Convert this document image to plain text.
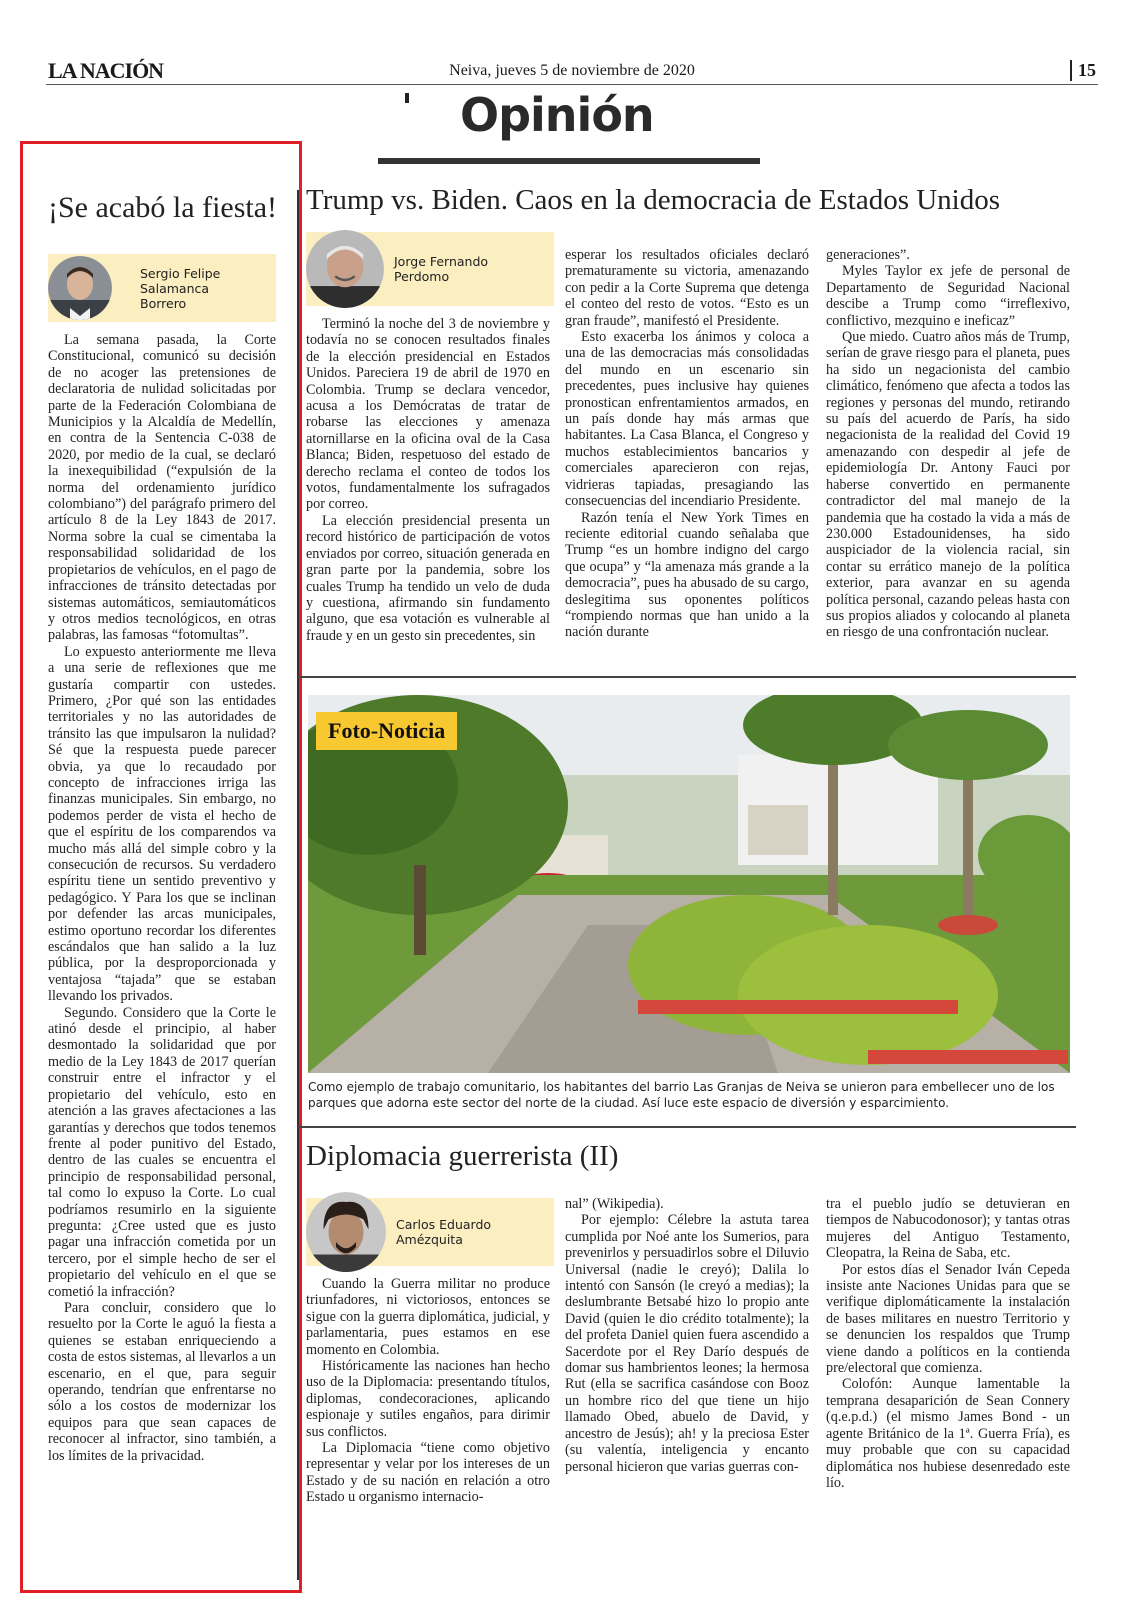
LA NACIÓN	Neiva, jueves 5 de noviembre de 2020	15
Opinión
¡Se acabó la fiesta!
Sergio Felipe Salamanca Borrero

La semana pasada, la Corte Constitucional, comunicó su decisión de no acoger las pretensiones de declaratoria de nulidad solicitadas por parte de la Federación Colombiana de Municipios y la Alcaldía de Medellín, en contra de la Sentencia C-038 de 2020, por medio de la cual, se declaró la inexequibilidad (“expulsión de la norma del ordenamiento jurídico colombiano”) del parágrafo primero del artículo 8 de la Ley 1843 de 2017. Norma sobre la cual se cimentaba la responsabilidad solidaridad de los propietarios de vehículos, en el pago de infracciones de tránsito detectadas por sistemas automáticos, semiautomáticos y otros medios tecnológicos, en otras palabras, las famosas “fotomultas”.

Lo expuesto anteriormente me lleva a una serie de reflexiones que me gustaría compartir con ustedes. Primero, ¿Por qué son las entidades territoriales y no las autoridades de tránsito las que impulsaron la nulidad? Sé que la respuesta puede parecer obvia, ya que lo recaudado por concepto de infracciones irriga las finanzas municipales. Sin embargo, no podemos perder de vista el hecho de que el espíritu de los comparendos va mucho más allá del simple cobro y la consecución de recursos. Su verdadero espíritu tiene un sentido preventivo y pedagógico. Y Para los que se inclinan por defender las arcas municipales, estimo oportuno recordar los diferentes escándalos que han salido a la luz pública, por la desproporcionada y ventajosa “tajada” que se estaban llevando los privados.

Segundo. Considero que la Corte le atinó desde el principio, al haber desmontado la solidaridad que por medio de la Ley 1843 de 2017 querían construir entre el infractor y el propietario del vehículo, esto en atención a las graves afectaciones a las garantías y derechos que todos tenemos frente al poder punitivo del Estado, dentro de las cuales se encuentra el principio de responsabilidad personal, tal como lo expuso la Corte. Lo cual podríamos resumirlo en la siguiente pregunta: ¿Cree usted que es justo pagar una infracción cometida por un tercero, por el simple hecho de ser el propietario del vehículo en el que se cometió la infracción?

Para concluir, considero que lo resuelto por la Corte le aguó la fiesta a quienes se estaban enriqueciendo a costa de estos sistemas, al llevarlos a un escenario, en el que, para seguir operando, tendrían que enfrentarse no sólo a los costos de modernizar los equipos para que sean capaces de reconocer al infractor, sino también, a los límites de la privacidad.

Trump vs. Biden. Caos en la democracia de Estados Unidos
Jorge Fernando Perdomo

Terminó la noche del 3 de noviembre y todavía no se conocen resultados finales de la elección presidencial en Estados Unidos. Pareciera 19 de abril de 1970 en Colombia. Trump se declara vencedor, acusa a los Demócratas de tratar de robarse las elecciones y amenaza atornillarse en la oficina oval de la Casa Blanca; Biden, respetuoso del estado de derecho reclama el conteo de todos los votos, fundamentalmente los sufragados por correo.

La elección presidencial presenta un record histórico de participación de votos enviados por correo, situación generada en gran parte por la pandemia, sobre los cuales Trump ha tendido un velo de duda y cuestiona, afirmando sin fundamento alguno, que esa votación es vulnerable al fraude y en un gesto sin precedentes, sin

esperar los resultados oficiales declaró prematuramente su victoria, amenazando con pedir a la Corte Suprema que detenga el conteo del resto de votos. “Esto es un gran fraude”, manifestó el Presidente.

Esto exacerba los ánimos y coloca a una de las democracias más consolidadas del mundo en un escenario sin precedentes, pues inclusive hay quienes pronostican enfrentamientos armados, en un país donde hay más armas que habitantes. La Casa Blanca, el Congreso y muchos establecimientos bancarios y comerciales aparecieron con rejas, vidrieras tapiadas, presagiando las consecuencias del incendiario Presidente.

Razón tenía el New York Times en reciente editorial cuando señalaba que Trump “es un hombre indigno del cargo que ocupa” y “la amenaza más grande a la democracia”, pues ha abusado de su cargo, deslegitima sus oponentes políticos “rompiendo normas que han unido a la nación durante

generaciones”.

Myles Taylor ex jefe de personal de Departamento de Seguridad Nacional descibe a Trump como “irreflexivo, conflictivo, mezquino e ineficaz”

Que miedo. Cuatro años más de Trump, serían de grave riesgo para el planeta, pues ha sido un negacionista del cambio climático, fenómeno que afecta a todos las regiones y personas del mundo, retirando su país del acuerdo de París, ha sido negacionista de la realidad del Covid 19 amenazando con despedir al jefe de epidemiología Dr. Antony Fauci por haberse convertido en permanente contradictor del mal manejo de la pandemia que ha costado la vida a más de 230.000 Estadounidenses, ha sido auspiciador de la violencia racial, sin contar su errático manejo de la política exterior, para avanzar en su agenda política personal, cazando peleas hasta con sus propios aliados y colocando al planeta en riesgo de una confrontación nuclear.

Foto-Noticia
Como ejemplo de trabajo comunitario, los habitantes del barrio Las Granjas de Neiva se unieron para embellecer uno de los parques que adorna este sector del norte de la ciudad. Así luce este espacio de diversión y esparcimiento.
Diplomacia guerrerista (II)
Carlos Eduardo Amézquita

Cuando la Guerra militar no produce triunfadores, ni victoriosos, entonces se sigue con la guerra diplomática, judicial, y parlamentaria, pues estamos en ese momento en Colombia.

Históricamente las naciones han hecho uso de la Diplomacia: presentando títulos, diplomas, condecoraciones, aplicando espionaje y sutiles engaños, para dirimir sus conflictos.

La Diplomacia “tiene como objetivo representar y velar por los intereses de un Estado y de su nación en relación a otro Estado u organismo internacio-

nal” (Wikipedia).

Por ejemplo: Célebre la astuta tarea cumplida por Noé ante los Sumerios, para prevenirlos y persuadirlos sobre el Diluvio Universal (nadie le creyó); Dalila lo intentó con Sansón (le creyó a medias); la deslumbrante Betsabé hizo lo propio ante David (quien le dio crédito totalmente); la del profeta Daniel quien fuera ascendido a Sacerdote por el Rey Darío después de domar sus hambrientos leones; la hermosa Rut (ella se sacrifica casándose con Booz un hombre rico del que tiene un hijo llamado Obed, abuelo de David, y ancestro de Jesús); ah! y la preciosa Ester (su valentía, inteligencia y encanto personal hicieron que varias guerras con-

tra el pueblo judío se detuvieran en tiempos de Nabucodonosor); y tantas otras mujeres del Antiguo Testamento, Cleopatra, la Reina de Saba, etc.

Por estos días el Senador Iván Cepeda insiste ante Naciones Unidas para que se verifique diplomáticamente la instalación de bases militares en nuestro Territorio y se denuncien los respaldos que Trump viene dando a políticos en la contienda pre/electoral que comienza.

Colofón: Aunque lamentable la temprana desaparición de Sean Connery (q.e.p.d.) (el mismo James Bond - un agente Británico de la 1ª. Guerra Fría), es muy probable que con su capacidad diplomática nos hubiese desenredado este lío.
